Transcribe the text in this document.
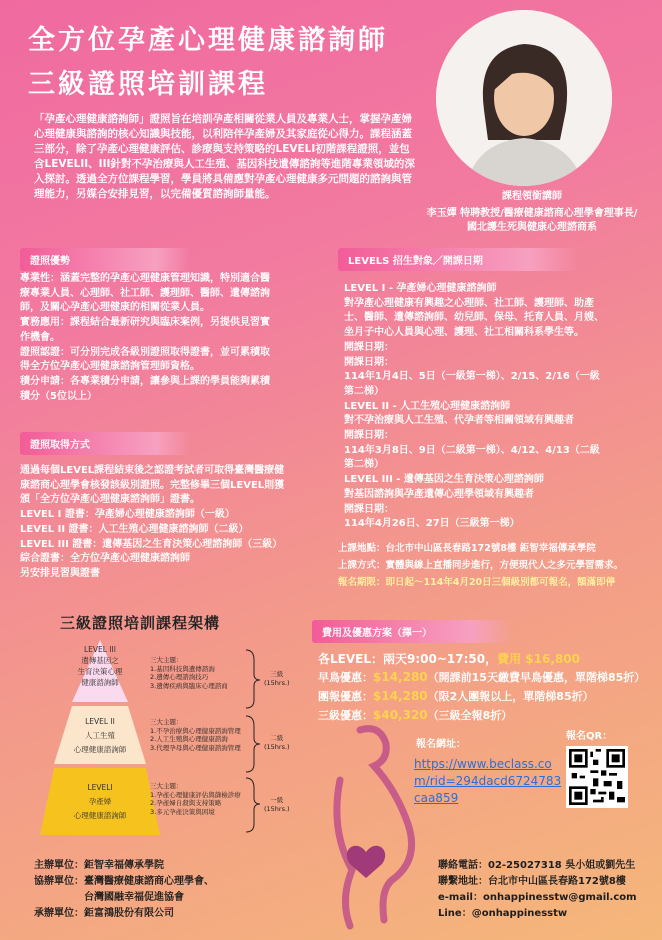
全方位孕產心理健康諮詢師
三級證照培訓課程
「孕產心理健康諮詢師」證照旨在培訓孕產相關從業人員及專業人士，掌握孕產婦心理健康與諮詢的核心知識與技能，以利陪伴孕產婦及其家庭從心得力。課程涵蓋三部分，除了孕產心理健康評估、診療與支持策略的LEVELI初階課程證照，並包含LEVELII、III針對不孕治療與人工生殖、基因科技遺傳諮詢等進階專業領域的深入探討。透過全方位課程學習，學員將具備應對孕產心理健康多元問題的諮詢與管理能力，另媒合安排見習，以完備優質諮詢師量能。	課程領銜講師
李玉嬋 特聘教授/醫療健康諮商心理學會理事長/
國北護生死與健康心理諮商系
證照優勢
專業性：涵蓋完整的孕產心理健康管理知識，特別適合醫
療專業人員、心理師、社工師、護理師、醫師、遺傳諮詢
師，及關心孕產心理健康的相關從業人員。
實務應用：課程結合最新研究與臨床案例，另提供見習實
作機會。
證照認證：可分別完成各級別證照取得證書，並可累積取
得全方位孕產心理健康諮詢管理師資格。
積分申請：各專業積分申請，讓參與上課的學員能夠累積
積分（5位以上）
證照取得方式
通過每個LEVEL課程結束後之認證考試者可取得臺灣醫療健
康諮商心理學會核發該級別證照。完整修畢三個LEVEL則獲
頒「全方位孕產心理健康諮詢師」證書。
LEVEL I 證書：孕產婦心理健康諮詢師（一級）
LEVEL II 證書：人工生殖心理健康諮詢師（二級）
LEVEL III 證書：遺傳基因之生育決策心理諮詢師（三級）
綜合證書：全方位孕產心理健康諮詢師
另安排見習與證書
LEVELS 招生對象／開課日期
LEVEL I - 孕產婦心理健康諮詢師
對孕產心理健康有興趣之心理師、社工師、護理師、助產
士、醫師、遺傳諮詢師、幼兒師、保母、托育人員、月嫂、
坐月子中心人員與心理、護理、社工相關科系學生等。
開課日期：
開課日期：
114年1月4日、5日（一級第一梯）、2/15、2/16（一級
第二梯）
LEVEL II - 人工生殖心理健康諮詢師
對不孕治療與人工生殖、代孕者等相關領域有興趣者
開課日期：
114年3月8日、9日（二級第一梯）、4/12、4/13（二級
第二梯）
LEVEL III - 遺傳基因之生育決策心理諮詢師
對基因諮詢與孕產遺傳心理學領域有興趣者
開課日期：
114年4月26日、27日（三級第一梯）
上課地點：台北市中山區長春路172號8樓 鉅智幸福傳承學院
上課方式：實體與線上直播同步進行，方便現代人之多元學習需求。
報名期限：即日起～114年4月20日三個級別都可報名，額滿即停
三級證照培訓課程架構
LEVEL III
遺傳基因之
生育決策心理
健康諮詢師
LEVEL II
人工生殖
心理健康諮詢師
LEVELI
孕產婦
心理健康諮詢師
三大主題：
1.基因科技與遺傳諮詢
2.遺傳心理諮詢技巧
3.遺傳疾病與臨床心理諮商
三大主題：
1.不孕治療與心理健康諮詢管理
2.人工生殖與心理健康諮詢
3.代理孕母與心理健康諮詢管理
三大主題：
1.孕產心理健康評估與篩檢診療
2.孕產婦自殺與支持策略
3.多元孕產決策與困境
三級
(15hrs.)
二級
(15hrs.)
一級
(15hrs.)
費用及優惠方案（擇一）
各LEVEL：兩天9:00~17:50，費用 $16,800
早鳥優惠：$14,280（開課前15天繳費早鳥優惠，單階梯85折）
團報優惠：$14,280（限2人團報以上，單階梯85折）
三級優惠：$40,320（三級全報8折）
報名網址：
https://www.beclass.co
m/rid=294dacd6724783
caa859
報名QR：
主辦單位：鉅智幸福傳承學院
協辦單位：臺灣醫療健康諮商心理學會、
　　　　　台灣國融幸福促進協會
承辦單位：鉅富鴻股份有限公司
聯絡電話：02-25027318 吳小姐或劉先生
聯繫地址：台北市中山區長春路172號8樓
e-mail：onhappinesstw@gmail.com
Line：@onhappinesstw
